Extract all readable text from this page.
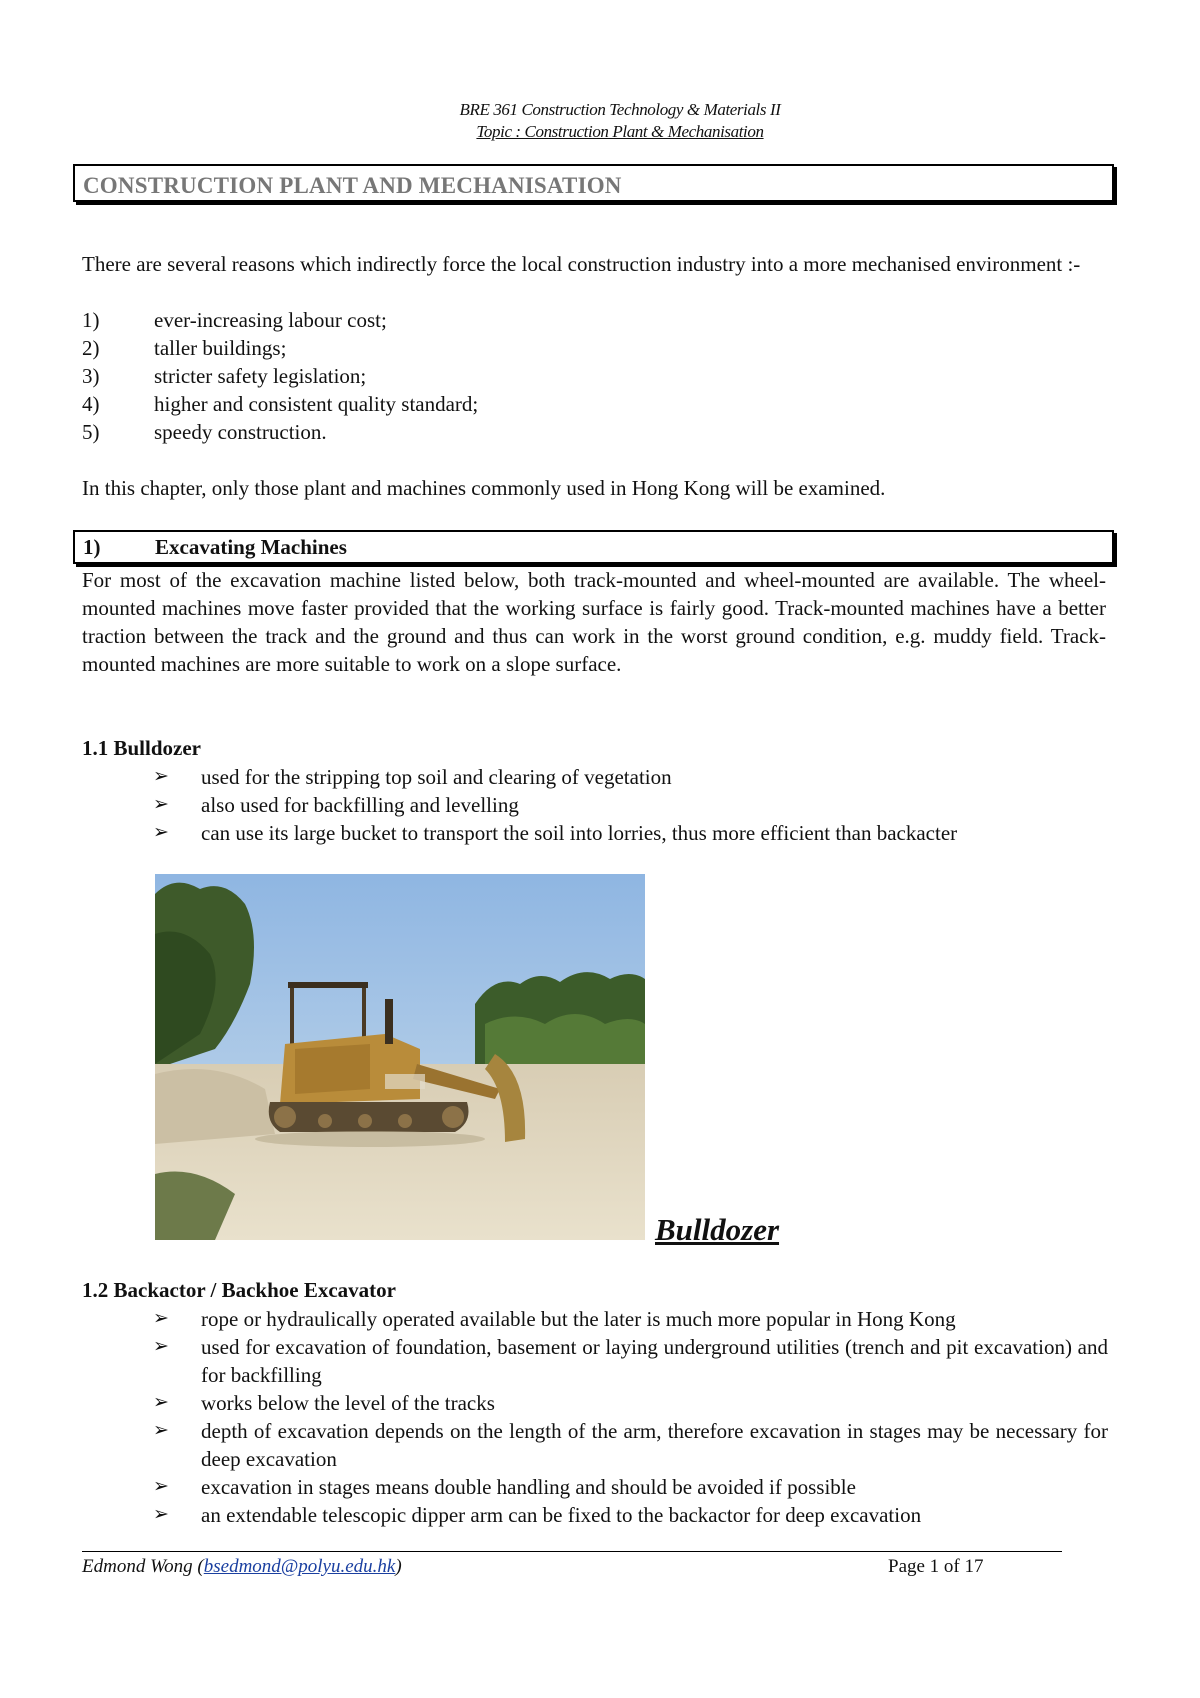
BRE 361 Construction Technology & Materials II
Topic : Construction Plant & Mechanisation
CONSTRUCTION PLANT AND MECHANISATION
There are several reasons which indirectly force the local construction industry into a more mechanised environment :-
1)	ever-increasing labour cost;
2)	taller buildings;
3)	stricter safety legislation;
4)	higher and consistent quality standard;
5)	speedy construction.
In this chapter, only those plant and machines commonly used in Hong Kong will be examined.
1)	Excavating Machines
For most of the excavation machine listed below, both track-mounted and wheel-mounted are available. The wheel-mounted machines move faster provided that the working surface is fairly good. Track-mounted machines have a better traction between the track and the ground and thus can work in the worst ground condition, e.g. muddy field. Track-mounted machines are more suitable to work on a slope surface.
1.1 Bulldozer
➢ used for the stripping top soil and clearing of vegetation
➢ also used for backfilling and levelling
➢ can use its large bucket to transport the soil into lorries, thus more efficient than backacter
Bulldozer
1.2 Backactor / Backhoe Excavator
➢ rope or hydraulically operated available but the later is much more popular in Hong Kong
➢ used for excavation of foundation, basement or laying underground utilities (trench and pit excavation) and for backfilling
➢ works below the level of the tracks
➢ depth of excavation depends on the length of the arm, therefore excavation in stages may be necessary for deep excavation
➢ excavation in stages means double handling and should be avoided if possible
➢ an extendable telescopic dipper arm can be fixed to the backactor for deep excavation
Edmond Wong (bsedmond@polyu.edu.hk)	Page 1 of 17
